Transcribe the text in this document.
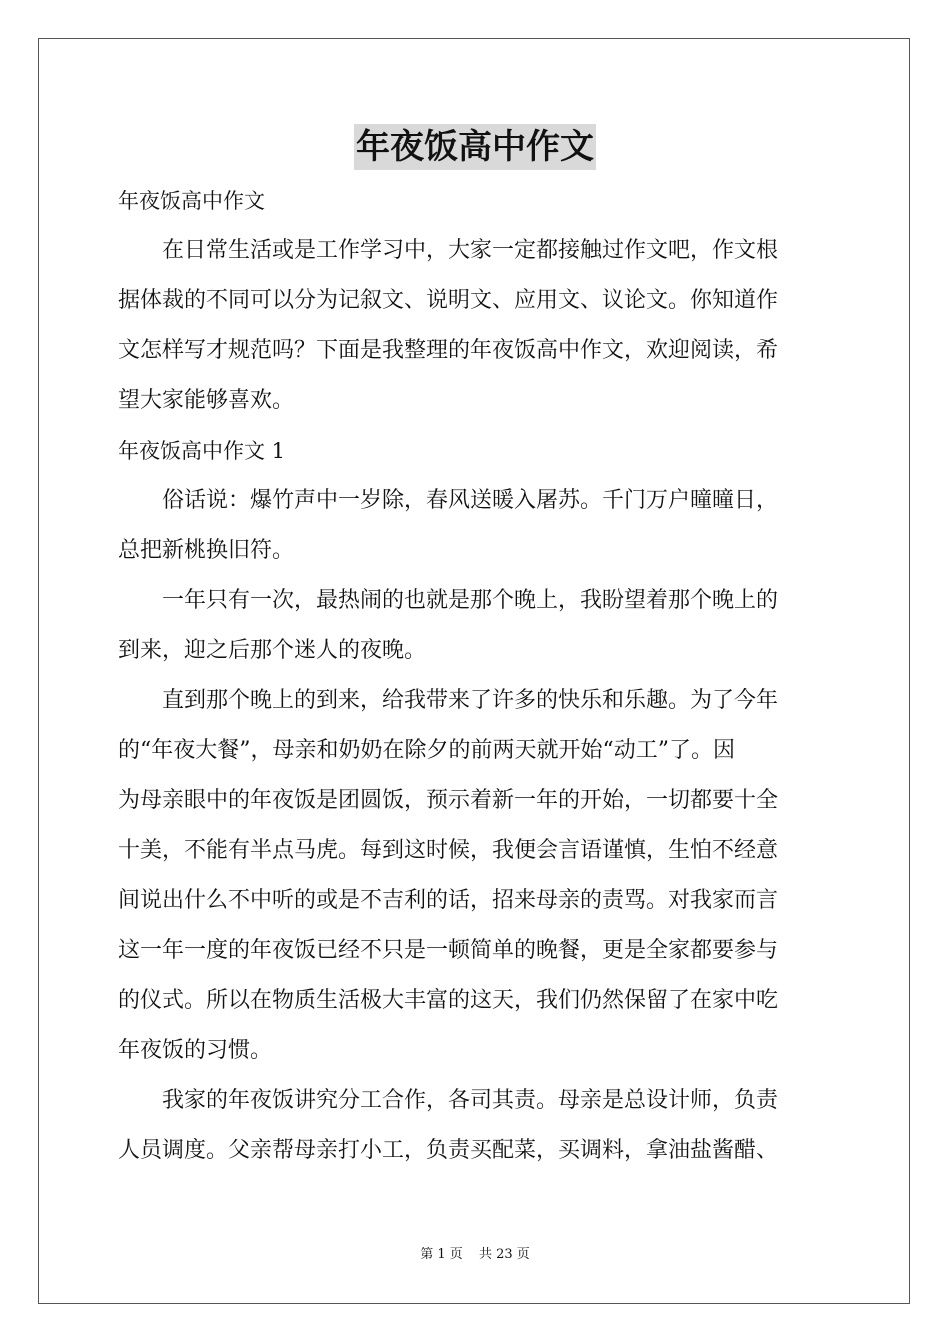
年夜饭高中作文
年夜饭高中作文
　　在日常生活或是工作学习中，大家一定都接触过作文吧，作文根
据体裁的不同可以分为记叙文、说明文、应用文、议论文。你知道作
文怎样写才规范吗？下面是我整理的年夜饭高中作文，欢迎阅读，希
望大家能够喜欢。
年夜饭高中作文 1
　　俗话说：爆竹声中一岁除，春风送暖入屠苏。千门万户曈曈日，
总把新桃换旧符。
　　一年只有一次，最热闹的也就是那个晚上，我盼望着那个晚上的
到来，迎之后那个迷人的夜晚。
　　直到那个晚上的到来，给我带来了许多的快乐和乐趣。为了今年
的“年夜大餐”，母亲和奶奶在除夕的前两天就开始“动工”了。因
为母亲眼中的年夜饭是团圆饭，预示着新一年的开始，一切都要十全
十美，不能有半点马虎。每到这时候，我便会言语谨慎，生怕不经意
间说出什么不中听的或是不吉利的话，招来母亲的责骂。对我家而言
这一年一度的年夜饭已经不只是一顿简单的晚餐，更是全家都要参与
的仪式。所以在物质生活极大丰富的这天，我们仍然保留了在家中吃
年夜饭的习惯。
　　我家的年夜饭讲究分工合作，各司其责。母亲是总设计师，负责
人员调度。父亲帮母亲打小工，负责买配菜，买调料，拿油盐酱醋、
第 1 页 共 23 页
